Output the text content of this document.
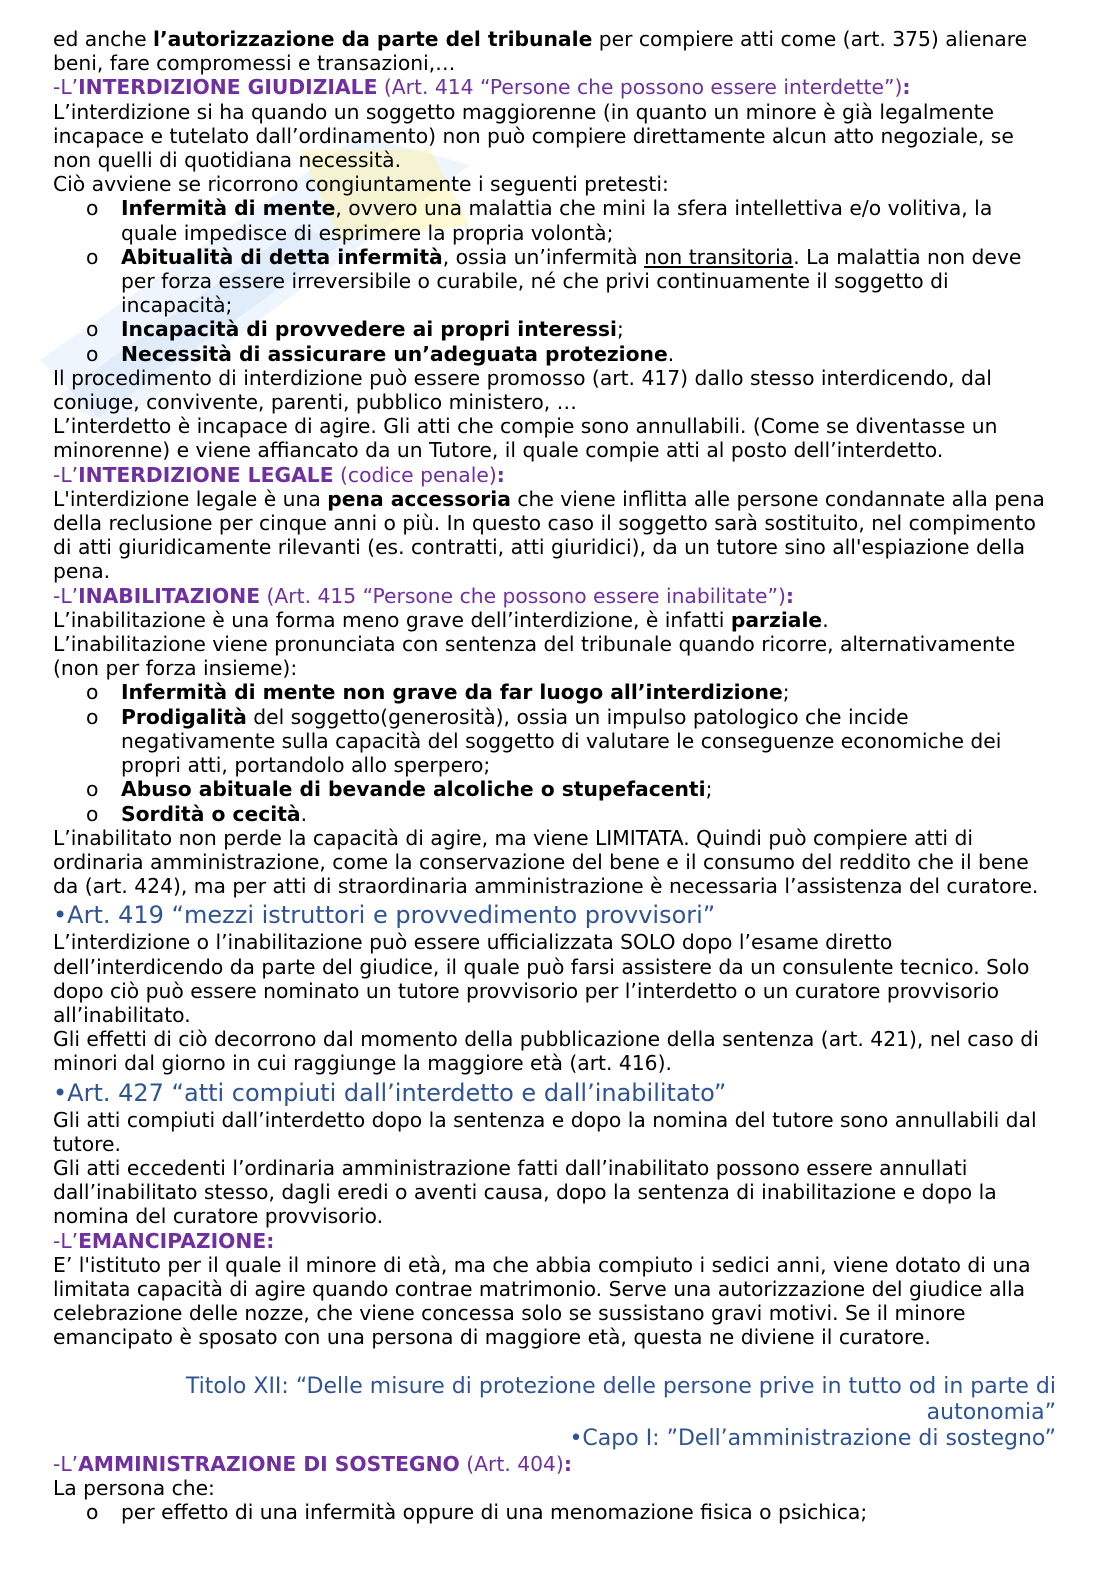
ed anche l’autorizzazione da parte del tribunale per compiere atti come (art. 375) alienare
beni, fare compromessi e transazioni,…
-L’INTERDIZIONE GIUDIZIALE (Art. 414 “Persone che possono essere interdette”):
L’interdizione si ha quando un soggetto maggiorenne (in quanto un minore è già legalmente
incapace e tutelato dall’ordinamento) non può compiere direttamente alcun atto negoziale, se
non quelli di quotidiana necessità.
Ciò avviene se ricorrono congiuntamente i seguenti pretesti:
o Infermità di mente, ovvero una malattia che mini la sfera intellettiva e/o volitiva, la
quale impedisce di esprimere la propria volontà;
o Abitualità di detta infermità, ossia un’infermità non transitoria. La malattia non deve
per forza essere irreversibile o curabile, né che privi continuamente il soggetto di
incapacità;
o Incapacità di provvedere ai propri interessi;
o Necessità di assicurare un’adeguata protezione.
Il procedimento di interdizione può essere promosso (art. 417) dallo stesso interdicendo, dal
coniuge, convivente, parenti, pubblico ministero, …
L’interdetto è incapace di agire. Gli atti che compie sono annullabili. (Come se diventasse un
minorenne) e viene affiancato da un Tutore, il quale compie atti al posto dell’interdetto.
-L’INTERDIZIONE LEGALE (codice penale):
L'interdizione legale è una pena accessoria che viene inflitta alle persone condannate alla pena
della reclusione per cinque anni o più. In questo caso il soggetto sarà sostituito, nel compimento
di atti giuridicamente rilevanti (es. contratti, atti giuridici), da un tutore sino all'espiazione della
pena.
-L’INABILITAZIONE (Art. 415 “Persone che possono essere inabilitate”):
L’inabilitazione è una forma meno grave dell’interdizione, è infatti parziale.
L’inabilitazione viene pronunciata con sentenza del tribunale quando ricorre, alternativamente
(non per forza insieme):
o Infermità di mente non grave da far luogo all’interdizione;
o Prodigalità del soggetto(generosità), ossia un impulso patologico che incide
negativamente sulla capacità del soggetto di valutare le conseguenze economiche dei
propri atti, portandolo allo sperpero;
o Abuso abituale di bevande alcoliche o stupefacenti;
o Sordità o cecità.
L’inabilitato non perde la capacità di agire, ma viene LIMITATA. Quindi può compiere atti di
ordinaria amministrazione, come la conservazione del bene e il consumo del reddito che il bene
da (art. 424), ma per atti di straordinaria amministrazione è necessaria l’assistenza del curatore.
•Art. 419 “mezzi istruttori e provvedimento provvisori”
L’interdizione o l’inabilitazione può essere ufficializzata SOLO dopo l’esame diretto
dell’interdicendo da parte del giudice, il quale può farsi assistere da un consulente tecnico. Solo
dopo ciò può essere nominato un tutore provvisorio per l’interdetto o un curatore provvisorio
all’inabilitato.
Gli effetti di ciò decorrono dal momento della pubblicazione della sentenza (art. 421), nel caso di
minori dal giorno in cui raggiunge la maggiore età (art. 416).
•Art. 427 “atti compiuti dall’interdetto e dall’inabilitato”
Gli atti compiuti dall’interdetto dopo la sentenza e dopo la nomina del tutore sono annullabili dal
tutore.
Gli atti eccedenti l’ordinaria amministrazione fatti dall’inabilitato possono essere annullati
dall’inabilitato stesso, dagli eredi o aventi causa, dopo la sentenza di inabilitazione e dopo la
nomina del curatore provvisorio.
-L’EMANCIPAZIONE:
E’ l'istituto per il quale il minore di età, ma che abbia compiuto i sedici anni, viene dotato di una
limitata capacità di agire quando contrae matrimonio. Serve una autorizzazione del giudice alla
celebrazione delle nozze, che viene concessa solo se sussistano gravi motivi. Se il minore
emancipato è sposato con una persona di maggiore età, questa ne diviene il curatore.
Titolo XII: “Delle misure di protezione delle persone prive in tutto od in parte di
autonomia”
•Capo I: ”Dell’amministrazione di sostegno”
-L’AMMINISTRAZIONE DI SOSTEGNO (Art. 404):
La persona che:
o per effetto di una infermità oppure di una menomazione fisica o psichica;
